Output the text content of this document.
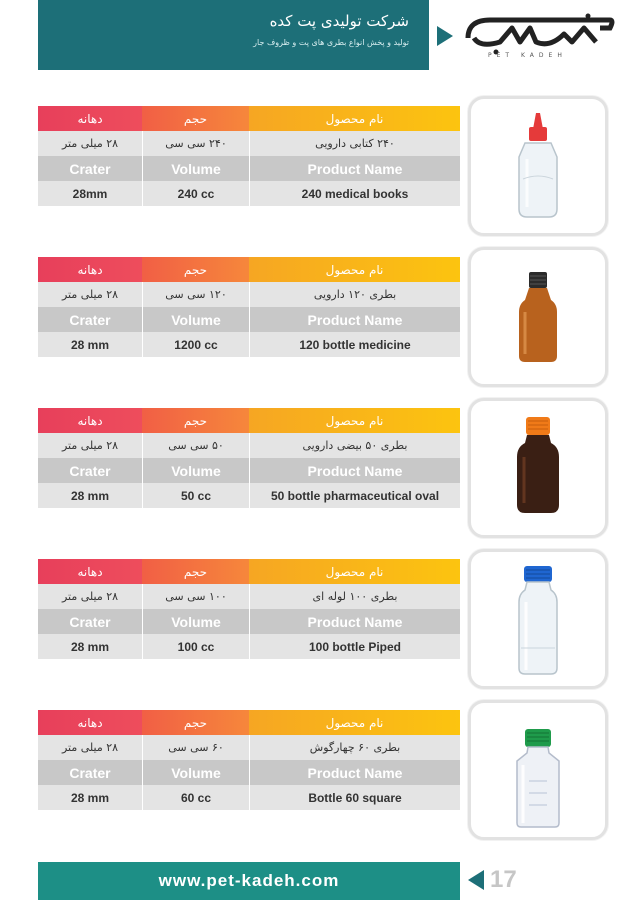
شرکت تولیدی پت کده
تولید و پخش انواع بطری های پت و ظروف جار
PET KADEH
دهانه	حجم	نام محصول
۲۸ میلی متر	۲۴۰ سی سی	۲۴۰ کتابی دارویی
Crater	Volume	Product Name
28mm	240 cc	240 medical books
دهانه	حجم	نام محصول
۲۸ میلی متر	۱۲۰ سی سی	بطری ۱۲۰ دارویی
Crater	Volume	Product Name
28 mm	1200 cc	120 bottle medicine
دهانه	حجم	نام محصول
۲۸ میلی متر	۵۰ سی سی	بطری ۵۰ بیضی دارویی
Crater	Volume	Product Name
28 mm	50 cc	50 bottle pharmaceutical oval
دهانه	حجم	نام محصول
۲۸ میلی متر	۱۰۰ سی سی	بطری ۱۰۰ لوله ای
Crater	Volume	Product Name
28 mm	100 cc	100 bottle Piped
دهانه	حجم	نام محصول
۲۸ میلی متر	۶۰ سی سی	بطری ۶۰ چهارگوش
Crater	Volume	Product Name
28 mm	60 cc	Bottle 60 square
www.pet-kadeh.com	17
